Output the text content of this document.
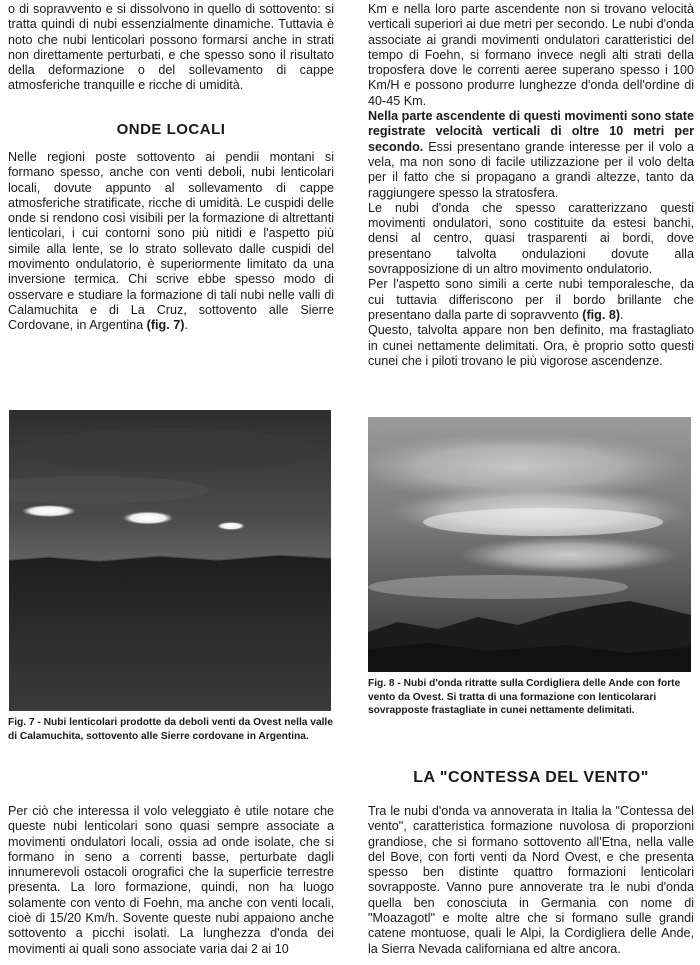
o di sopravvento e si dissolvono in quello di sottovento: si tratta quindi di nubi essenzialmente dinamiche. Tuttavia è noto che nubi lenticolari possono formarsi anche in strati non direttamente perturbati, e che spesso sono il risultato della deformazione o del sollevamento di cappe atmosferiche tranquille e ricche di umidità.

ONDE LOCALI

Nelle regioni poste sottovento ai pendii montani si formano spesso, anche con venti deboli, nubi lenticolari locali, dovute appunto al sollevamento di cappe atmosferiche stratificate, ricche di umidità. Le cuspidi delle onde si rendono così visibili per la formazione di altrettanti lenticolari, i cui contorni sono più nitidi e l'aspetto più simile alla lente, se lo strato sollevato dalle cuspidi del movimento ondulatorio, è superiormente limitato da una inversione termica. Chi scrive ebbe spesso modo di osservare e studiare la formazione di tali nubi nelle valli di Calamuchita e di La Cruz, sottovento alle Sierre Cordovane, in Argentina (fig. 7).

Km e nella loro parte ascendente non si trovano velocità verticali superiori ai due metri per secondo. Le nubi d'onda associate ai grandi movimenti ondulatori caratteristici del tempo di Foehn, si formano invece negli alti strati della troposfera dove le correnti aeree superano spesso i 100 Km/H e possono produrre lunghezze d'onda dell'ordine di 40-45 Km.

Nella parte ascendente di questi movimenti sono state registrate velocità verticali di oltre 10 metri per secondo. Essi presentano grande interesse per il volo a vela, ma non sono di facile utilizzazione per il volo delta per il fatto che si propagano a grandi altezze, tanto da raggiungere spesso la stratosfera.

Le nubi d'onda che spesso caratterizzano questi movimenti ondulatori, sono costituite da estesi banchi, densi al centro, quasi trasparenti ai bordi, dove presentano talvolta ondulazioni dovute alla sovrapposizione di un altro movimento ondulatorio.

Per l'aspetto sono simili a certe nubi temporalesche, da cui tuttavia differiscono per il bordo brillante che presentano dalla parte di sopravvento (fig. 8).

Questo, talvolta appare non ben definito, ma frastagliato in cunei nettamente delimitati. Ora, è proprio sotto questi cunei che i piloti trovano le più vigorose ascendenze.

Fig. 7 - Nubi lenticolari prodotte da deboli venti da Ovest nella valle di Calamuchita, sottovento alle Sierre cordovane in Argentina.
Fig. 8 - Nubi d'onda ritratte sulla Cordigliera delle Ande con forte vento da Ovest. Si tratta di una formazione con lenticolarari sovrapposte frastagliate in cunei nettamente delimitati.

Per ciò che interessa il volo veleggiato è utile notare che queste nubi lenticolari sono quasi sempre associate a movimenti ondulatori locali, ossia ad onde isolate, che si formano in seno a correnti basse, perturbate dagli innumerevoli ostacoli orografici che la superficie terrestre presenta. La loro formazione, quindi, non ha luogo solamente con vento di Foehn, ma anche con venti locali, cioè di 15/20 Km/h. Sovente queste nubi appaiono anche sottovento a picchi isolati. La lunghezza d'onda dei movimenti ai quali sono associate varia dai 2 ai 10

LA "CONTESSA DEL VENTO"

Tra le nubi d'onda va annoverata in Italia la "Contessa del vento", caratteristica formazione nuvolosa di proporzioni grandiose, che si formano sottovento all'Etna, nella valle del Bove, con forti venti da Nord Ovest, e che presenta spesso ben distinte quattro formazioni lenticolari sovrapposte. Vanno pure annoverate tra le nubi d'onda quella ben conosciuta in Germania con nome di "Moazagotl" e molte altre che si formano sulle grandi catene montuose, quali le Alpi, la Cordigliera delle Ande, la Sierra Nevada californiana ed altre ancora.
